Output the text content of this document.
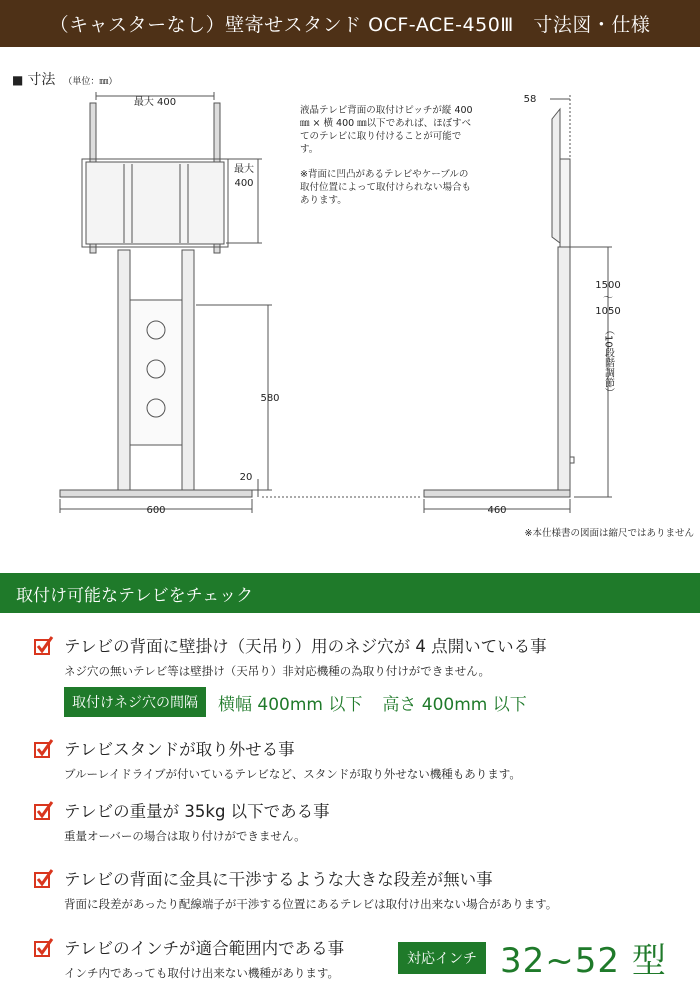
（キャスターなし）壁寄せスタンド OCF-ACE-450Ⅲ　寸法図・仕様
■ 寸法 （単位：㎜）
最大 400
最大
400
580
20
600
58
1500
～
1050
（10段階調節）
460

液晶テレビ背面の取付けピッチが縦 400 ㎜ × 横 400 ㎜以下であれば、ほぼすべてのテレビに取り付けることが可能です。

※背面に凹凸があるテレビやケーブルの取付位置によって取付けられない場合もあります。

※本仕様書の図面は縮尺ではありません
取付け可能なテレビをチェック
テレビの背面に壁掛け（天吊り）用のネジ穴が 4 点開いている事
ネジ穴の無いテレビ等は壁掛け（天吊り）非対応機種の為取り付けができません。
取付けネジ穴の間隔	横幅 400mm 以下 高さ 400mm 以下
テレビスタンドが取り外せる事
ブルーレイドライブが付いているテレビなど、スタンドが取り外せない機種もあります。
テレビの重量が 35kg 以下である事
重量オーバーの場合は取り付けができません。
テレビの背面に金具に干渉するような大きな段差が無い事
背面に段差があったり配線端子が干渉する位置にあるテレビは取付け出来ない場合があります。
テレビのインチが適合範囲内である事
インチ内であっても取付け出来ない機種があります。
対応インチ 32~52 型
